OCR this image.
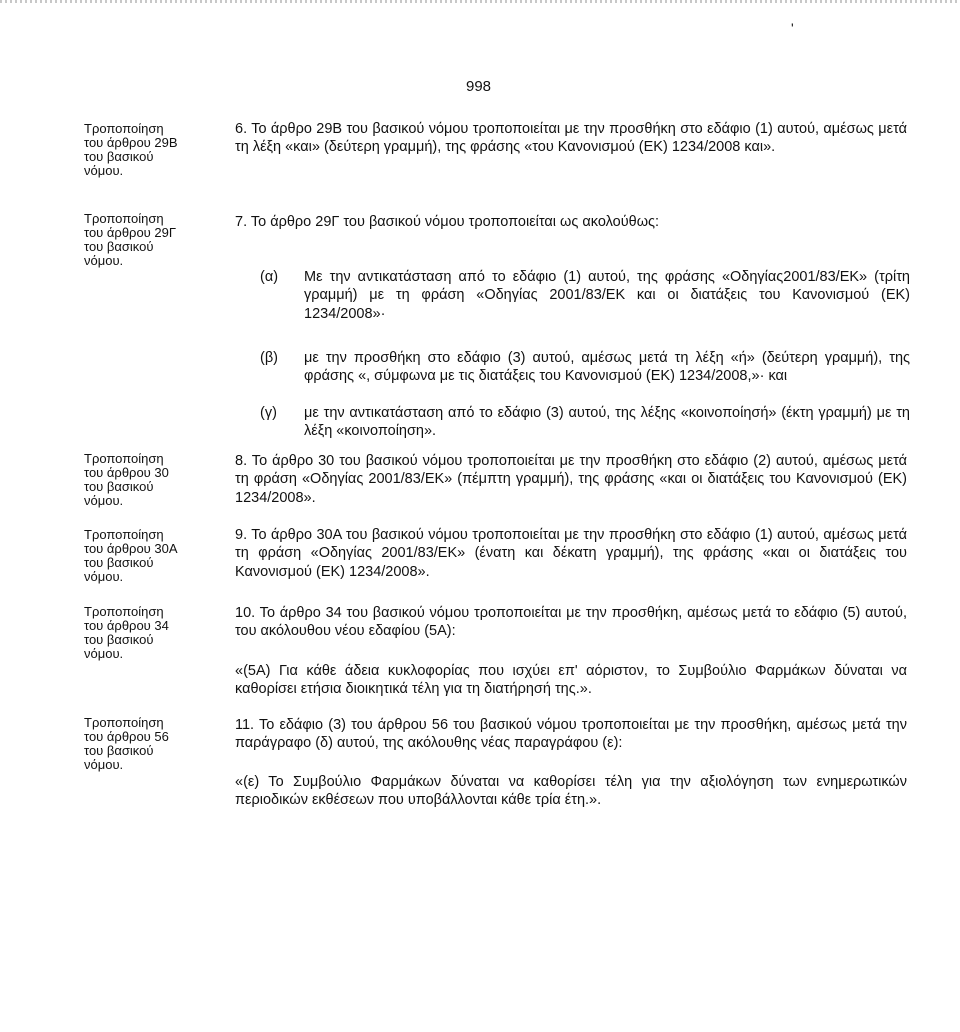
'
998
Τροποποίηση
του άρθρου 29Β
του βασικού
νόμου.
Τροποποίηση
του άρθρου 29Γ
του βασικού
νόμου.
Τροποποίηση
του άρθρου 30
του βασικού
νόμου.
Τροποποίηση
του άρθρου 30Α
του βασικού
νόμου.
Τροποποίηση
του άρθρου 34
του βασικού
νόμου.
Τροποποίηση
του άρθρου 56
του βασικού
νόμου.
6. Το άρθρο 29Β του βασικού νόμου τροποποιείται με την προσθήκη στο εδάφιο (1) αυτού, αμέσως μετά τη λέξη «και» (δεύτερη γραμμή), της φράσης «του Κανονισμού (ΕΚ) 1234/2008 και».
7. Το άρθρο 29Γ του βασικού νόμου τροποποιείται ως ακολούθως:
(α) Με την αντικατάσταση από το εδάφιο (1) αυτού, της φράσης «Οδηγίας2001/83/ΕΚ» (τρίτη γραμμή) με τη φράση «Οδηγίας 2001/83/ΕΚ και οι διατάξεις του Κανονισμού (ΕΚ) 1234/2008»·
(β) με την προσθήκη στο εδάφιο (3) αυτού, αμέσως μετά τη λέξη «ή» (δεύτερη γραμμή), της φράσης «, σύμφωνα με τις διατάξεις του Κανονισμού (ΕΚ) 1234/2008,»· και
(γ) με την αντικατάσταση από το εδάφιο (3) αυτού, της λέξης «κοινοποίησή» (έκτη γραμμή) με τη λέξη «κοινοποίηση».
8. Το άρθρο 30 του βασικού νόμου τροποποιείται με την προσθήκη στο εδάφιο (2) αυτού, αμέσως μετά τη φράση «Οδηγίας 2001/83/ΕΚ» (πέμπτη γραμμή), της φράσης «και οι διατάξεις του Κανονισμού (ΕΚ) 1234/2008».
9. Το άρθρο 30Α του βασικού νόμου τροποποιείται με την προσθήκη στο εδάφιο (1) αυτού, αμέσως μετά τη φράση «Οδηγίας 2001/83/ΕΚ» (ένατη και δέκατη γραμμή), της φράσης «και οι διατάξεις του Κανονισμού (ΕΚ) 1234/2008».
10. Το άρθρο 34 του βασικού νόμου τροποποιείται με την προσθήκη, αμέσως μετά το εδάφιο (5) αυτού, του ακόλουθου νέου εδαφίου (5Α):
«(5Α) Για κάθε άδεια κυκλοφορίας που ισχύει επ' αόριστον, το Συμβούλιο Φαρμάκων δύναται να καθορίσει ετήσια διοικητικά τέλη για τη διατήρησή της.».
11. Το εδάφιο (3) του άρθρου 56 του βασικού νόμου τροποποιείται με την προσθήκη, αμέσως μετά την παράγραφο (δ) αυτού, της ακόλουθης νέας παραγράφου (ε):
«(ε) Το Συμβούλιο Φαρμάκων δύναται να καθορίσει τέλη για την αξιολόγηση των ενημερωτικών περιοδικών εκθέσεων που υποβάλλονται κάθε τρία έτη.».
